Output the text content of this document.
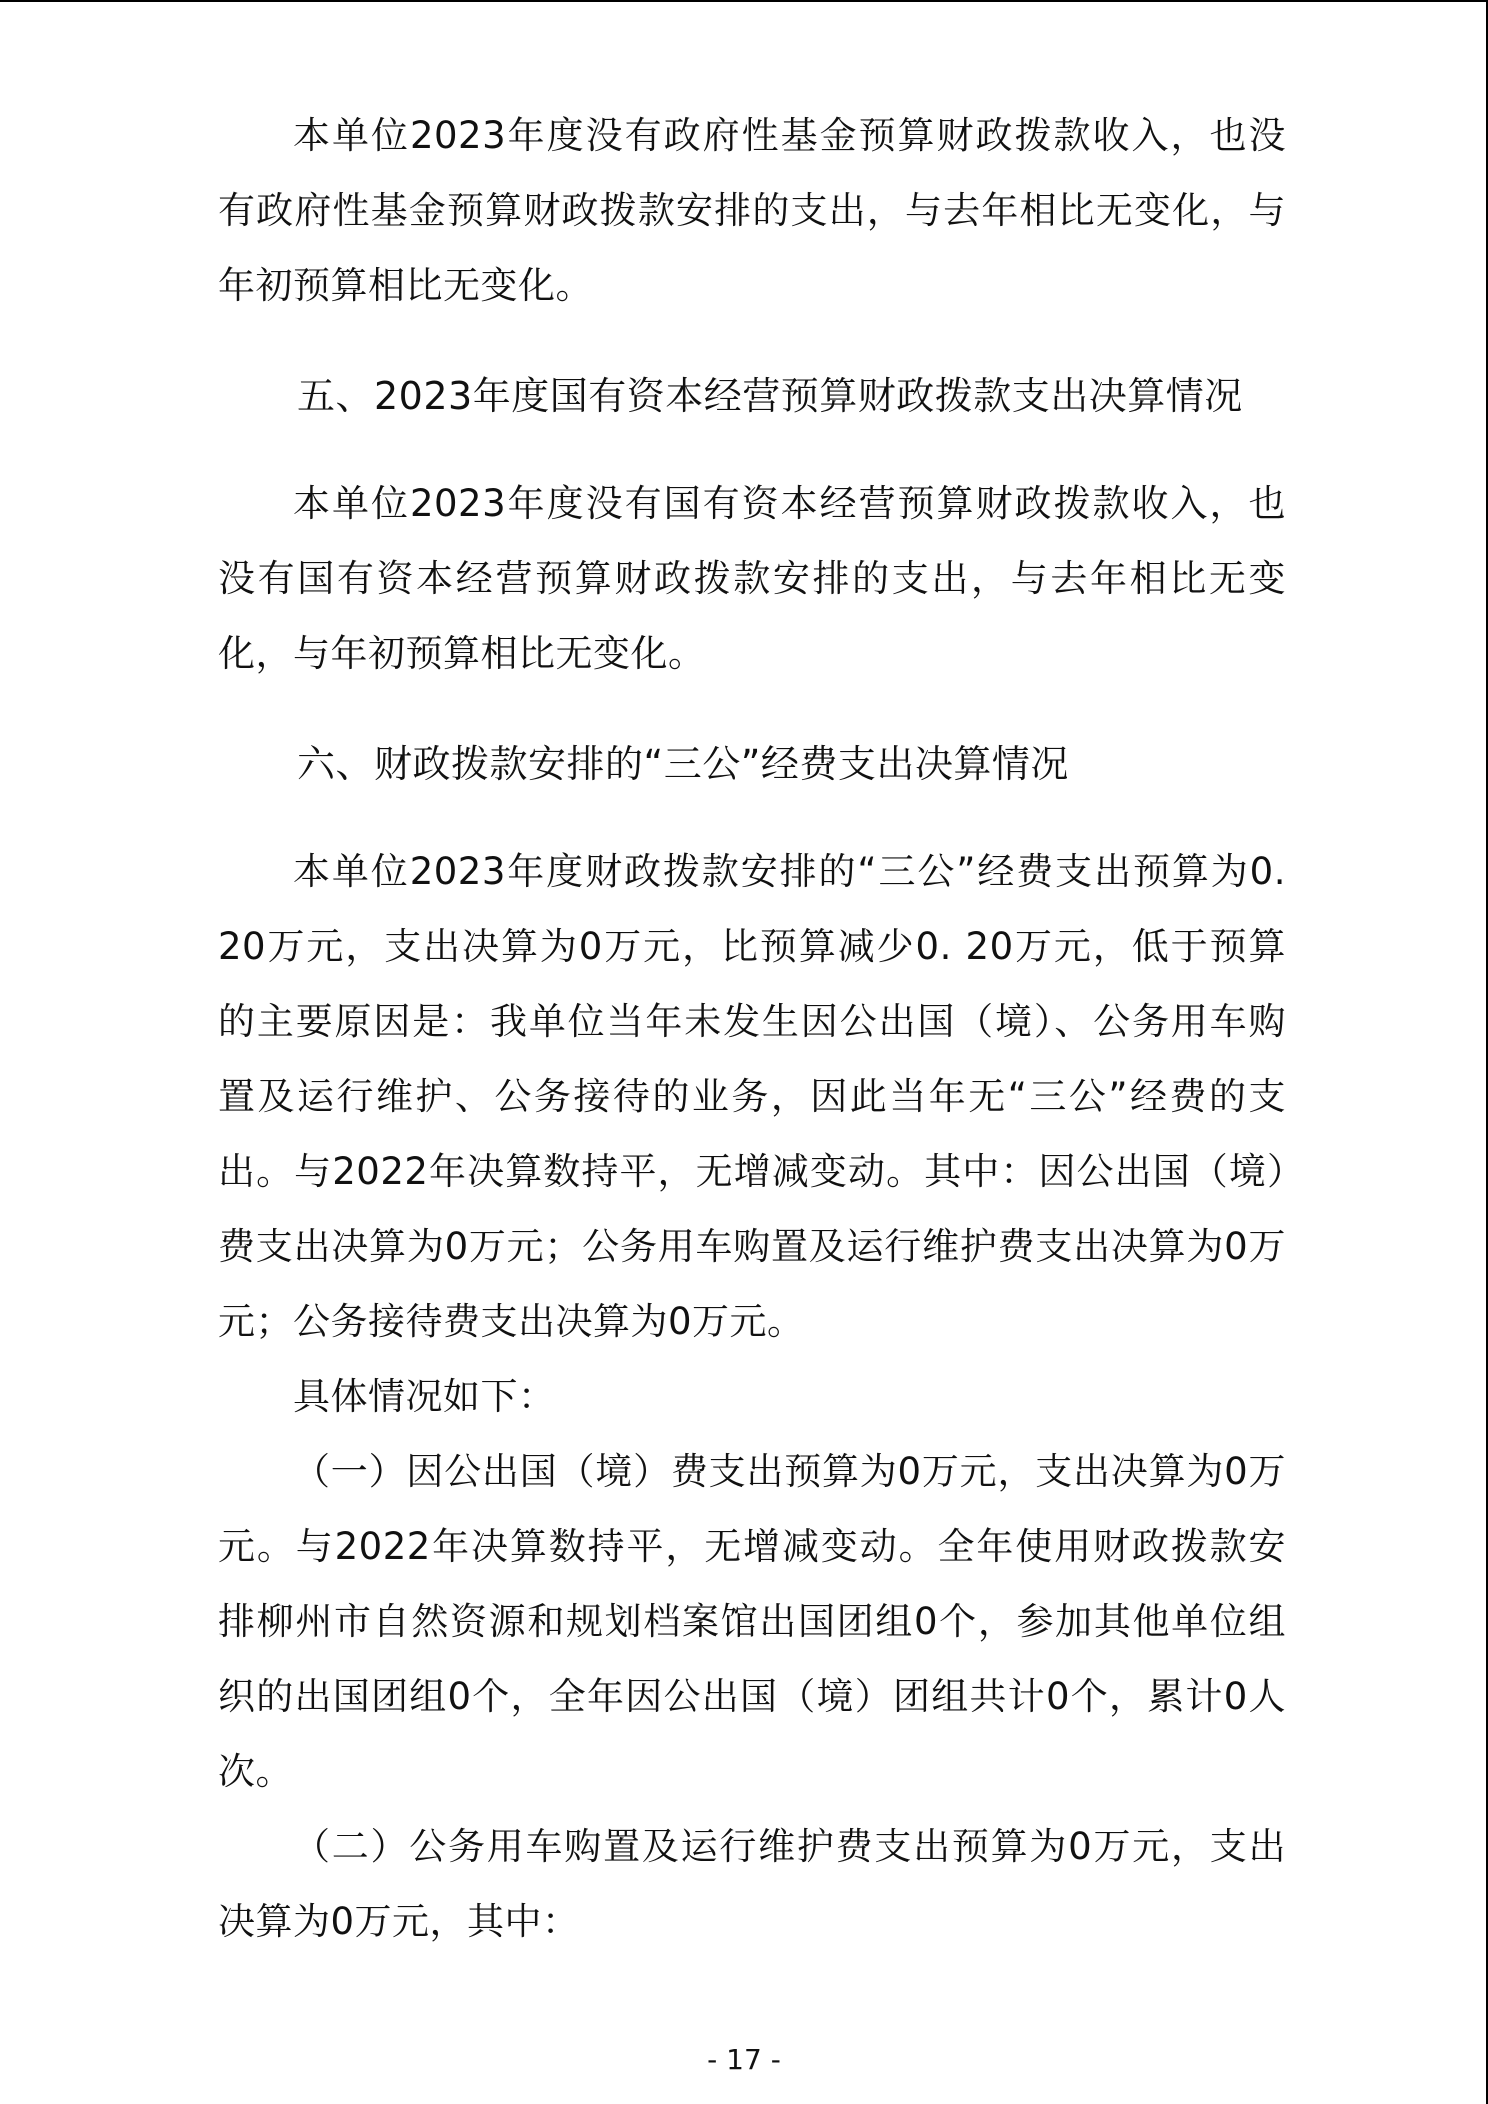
本单位2023年度没有政府性基金预算财政拨款收入，也没有政府性基金预算财政拨款安排的支出，与去年相比无变化，与年初预算相比无变化。

五、2023年度国有资本经营预算财政拨款支出决算情况

本单位2023年度没有国有资本经营预算财政拨款收入，也没有国有资本经营预算财政拨款安排的支出，与去年相比无变化，与年初预算相比无变化。

六、财政拨款安排的“三公”经费支出决算情况

本单位2023年度财政拨款安排的“三公”经费支出预算为0. 20万元，支出决算为0万元，比预算减少0. 20万元，低于预算的主要原因是：我单位当年未发生因公出国（境）、公务用车购置及运行维护、公务接待的业务，因此当年无“三公”经费的支出。与2022年决算数持平，无增减变动。其中：因公出国（境）费支出决算为0万元；公务用车购置及运行维护费支出决算为0万元；公务接待费支出决算为0万元。

具体情况如下：

（一）因公出国（境）费支出预算为0万元，支出决算为0万元。与2022年决算数持平，无增减变动。全年使用财政拨款安排柳州市自然资源和规划档案馆出国团组0个，参加其他单位组织的出国团组0个，全年因公出国（境）团组共计0个，累计0人次。

（二）公务用车购置及运行维护费支出预算为0万元，支出决算为0万元，其中：

- 17 -
